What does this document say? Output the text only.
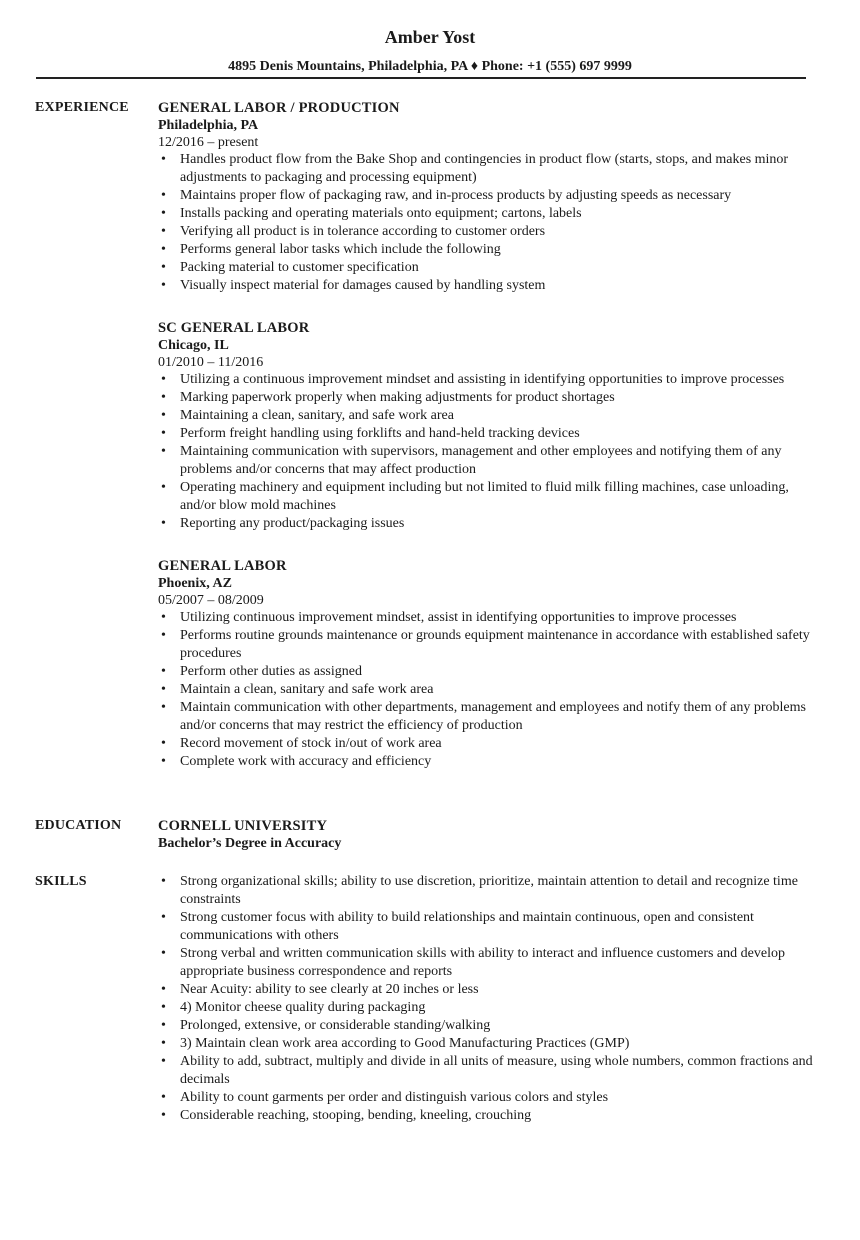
Amber Yost
4895 Denis Mountains, Philadelphia, PA ♦ Phone: +1 (555) 697 9999
EXPERIENCE GENERAL LABOR / PRODUCTION
Philadelphia, PA
12/2016 – present
• Handles product flow from the Bake Shop and contingencies in product flow (starts, stops, and makes minor adjustments to packaging and processing equipment)
• Maintains proper flow of packaging raw, and in-process products by adjusting speeds as necessary
• Installs packing and operating materials onto equipment; cartons, labels
• Verifying all product is in tolerance according to customer orders
• Performs general labor tasks which include the following
• Packing material to customer specification
• Visually inspect material for damages caused by handling system
SC GENERAL LABOR
Chicago, IL
01/2010 – 11/2016
• Utilizing a continuous improvement mindset and assisting in identifying opportunities to improve processes
• Marking paperwork properly when making adjustments for product shortages
• Maintaining a clean, sanitary, and safe work area
• Perform freight handling using forklifts and hand-held tracking devices
• Maintaining communication with supervisors, management and other employees and notifying them of any problems and/or concerns that may affect production
• Operating machinery and equipment including but not limited to fluid milk filling machines, case unloading, and/or blow mold machines
• Reporting any product/packaging issues
GENERAL LABOR
Phoenix, AZ
05/2007 – 08/2009
• Utilizing continuous improvement mindset, assist in identifying opportunities to improve processes
• Performs routine grounds maintenance or grounds equipment maintenance in accordance with established safety procedures
• Perform other duties as assigned
• Maintain a clean, sanitary and safe work area
• Maintain communication with other departments, management and employees and notify them of any problems and/or concerns that may restrict the efficiency of production
• Record movement of stock in/out of work area
• Complete work with accuracy and efficiency
EDUCATION	CORNELL UNIVERSITY
Bachelor’s Degree in Accuracy
SKILLS
•	Strong organizational skills; ability to use discretion, prioritize, maintain attention to detail and recognize time constraints
• Strong customer focus with ability to build relationships and maintain continuous, open and consistent communications with others
• Strong verbal and written communication skills with ability to interact and influence customers and develop appropriate business correspondence and reports
• Near Acuity: ability to see clearly at 20 inches or less
• 4) Monitor cheese quality during packaging
• Prolonged, extensive, or considerable standing/walking
• 3) Maintain clean work area according to Good Manufacturing Practices (GMP)
• Ability to add, subtract, multiply and divide in all units of measure, using whole numbers, common fractions and decimals
• Ability to count garments per order and distinguish various colors and styles
• Considerable reaching, stooping, bending, kneeling, crouching
